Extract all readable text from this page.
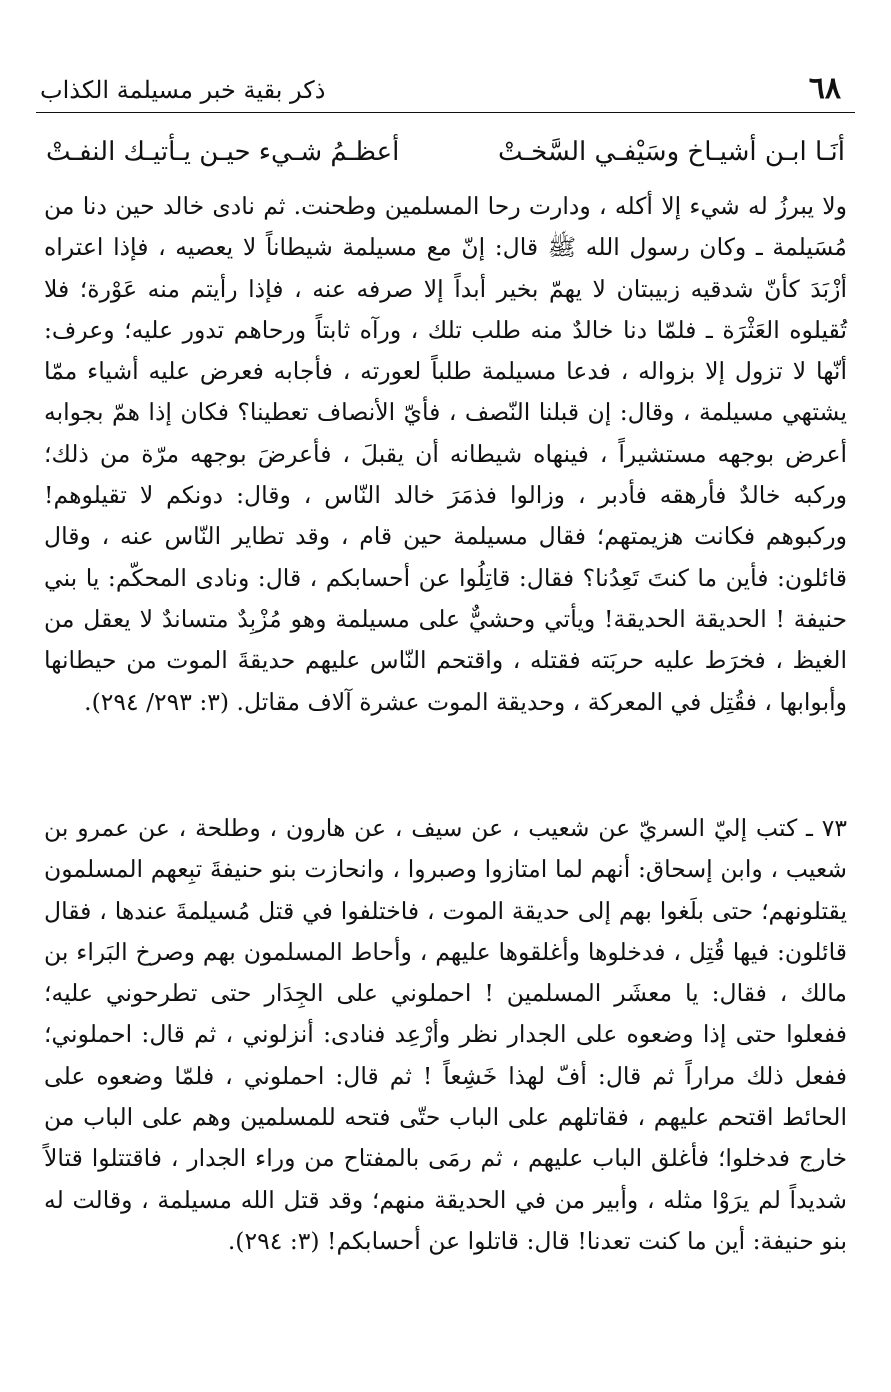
٦٨
ذكر بقية خبر مسيلمة الكذاب
أنَـا ابـن أشيـاخ وسَيْفـي السَّخـتْ
أعظـمُ شـيء حيـن يـأتيـك النفـتْ

ولا يبرزُ له شيء إلا أكله ، ودارت رحا المسلمين وطحنت. ثم نادى خالد حين دنا من مُسَيلمة ـ وكان رسول الله ﷺ قال: إنّ مع مسيلمة شيطاناً لا يعصيه ، فإذا اعتراه أزْبَدَ كأنّ شدقيه زبيبتان لا يهمّ بخير أبداً إلا صرفه عنه ، فإذا رأيتم منه عَوْرة؛ فلا تُقيلوه العَثْرَة ـ فلمّا دنا خالدٌ منه طلب تلك ، ورآه ثابتاً ورحاهم تدور عليه؛ وعرف: أنّها لا تزول إلا بزواله ، فدعا مسيلمة طلباً لعورته ، فأجابه فعرض عليه أشياء ممّا يشتهي مسيلمة ، وقال: إن قبلنا النّصف ، فأيّ الأنصاف تعطينا؟ فكان إذا همّ بجوابه أعرض بوجهه مستشيراً ، فينهاه شيطانه أن يقبلَ ، فأعرضَ بوجهه مرّة من ذلك؛ وركبه خالدٌ فأرهقه فأدبر ، وزالوا فذمَرَ خالد النّاس ، وقال: دونكم لا تقيلوهم! وركبوهم فكانت هزيمتهم؛ فقال مسيلمة حين قام ، وقد تطاير النّاس عنه ، وقال قائلون: فأين ما كنتَ تَعِدُنا؟ فقال: قاتِلُوا عن أحسابكم ، قال: ونادى المحكّم: يا بني حنيفة ! الحديقة الحديقة! ويأتي وحشيٌّ على مسيلمة وهو مُزْبِدٌ متساندٌ لا يعقل من الغيظ ، فخرَط عليه حربَته فقتله ، واقتحم النّاس عليهم حديقةَ الموت من حيطانها وأبوابها ، فقُتِل في المعركة ، وحديقة الموت عشرة آلاف مقاتل. (٣: ٢٩٣/ ٢٩٤).

٧٣ ـ كتب إليّ السريّ عن شعيب ، عن سيف ، عن هارون ، وطلحة ، عن عمرو بن شعيب ، وابن إسحاق: أنهم لما امتازوا وصبروا ، وانحازت بنو حنيفةَ تبِعهم المسلمون يقتلونهم؛ حتى بلَغوا بهم إلى حديقة الموت ، فاختلفوا في قتل مُسيلمةَ عندها ، فقال قائلون: فيها قُتِل ، فدخلوها وأغلقوها عليهم ، وأحاط المسلمون بهم وصرخ البَراء بن مالك ، فقال: يا معشَر المسلمين ! احملوني على الجِدَار حتى تطرحوني عليه؛ ففعلوا حتى إذا وضعوه على الجدار نظر وأرْعِد فنادى: أنزلوني ، ثم قال: احملوني؛ ففعل ذلك مراراً ثم قال: أفّ لهذا خَشِعاً ! ثم قال: احملوني ، فلمّا وضعوه على الحائط اقتحم عليهم ، فقاتلهم على الباب حتّى فتحه للمسلمين وهم على الباب من خارج فدخلوا؛ فأغلق الباب عليهم ، ثم رمَى بالمفتاح من وراء الجدار ، فاقتتلوا قتالاً شديداً لم يرَوْا مثله ، وأبير من في الحديقة منهم؛ وقد قتل الله مسيلمة ، وقالت له بنو حنيفة: أين ما كنت تعدنا! قال: قاتلوا عن أحسابكم! (٣: ٢٩٤).
